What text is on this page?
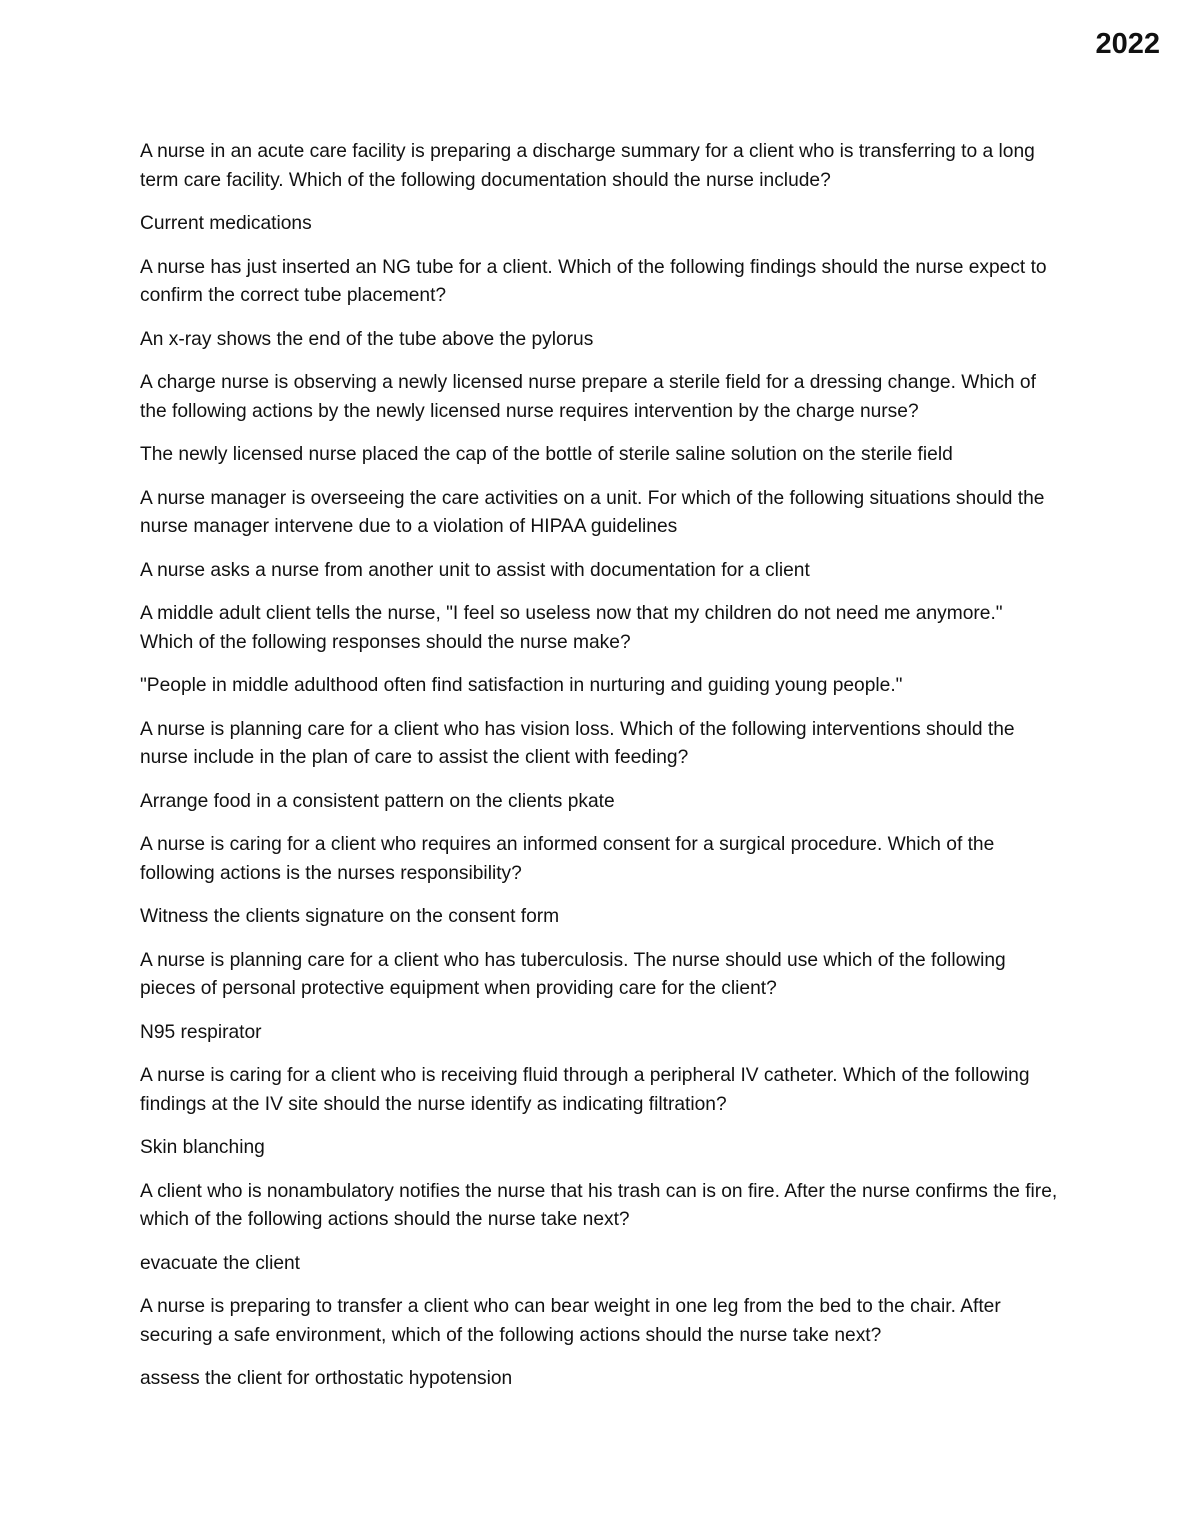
2022

A nurse in an acute care facility is preparing a discharge summary for a client who is transferring to a long term care facility. Which of the following documentation should the nurse include?

Current medications

A nurse has just inserted an NG tube for a client. Which of the following findings should the nurse expect to confirm the correct tube placement?

An x-ray shows the end of the tube above the pylorus

A charge nurse is observing a newly licensed nurse prepare a sterile field for a dressing change. Which of the following actions by the newly licensed nurse requires intervention by the charge nurse?

The newly licensed nurse placed the cap of the bottle of sterile saline solution on the sterile field

A nurse manager is overseeing the care activities on a unit. For which of the following situations should the nurse manager intervene due to a violation of HIPAA guidelines

A nurse asks a nurse from another unit to assist with documentation for a client

A middle adult client tells the nurse, "I feel so useless now that my children do not need me anymore." Which of the following responses should the nurse make?

"People in middle adulthood often find satisfaction in nurturing and guiding young people."

A nurse is planning care for a client who has vision loss. Which of the following interventions should the nurse include in the plan of care to assist the client with feeding?

Arrange food in a consistent pattern on the clients pkate

A nurse is caring for a client who requires an informed consent for a surgical procedure. Which of the following actions is the nurses responsibility?

Witness the clients signature on the consent form

A nurse is planning care for a client who has tuberculosis. The nurse should use which of the following pieces of personal protective equipment when providing care for the client?

N95 respirator

A nurse is caring for a client who is receiving fluid through a peripheral IV catheter. Which of the following findings at the IV site should the nurse identify as indicating filtration?

Skin blanching

A client who is nonambulatory notifies the nurse that his trash can is on fire. After the nurse confirms the fire, which of the following actions should the nurse take next?

evacuate the client

A nurse is preparing to transfer a client who can bear weight in one leg from the bed to the chair. After securing a safe environment, which of the following actions should the nurse take next?

assess the client for orthostatic hypotension
